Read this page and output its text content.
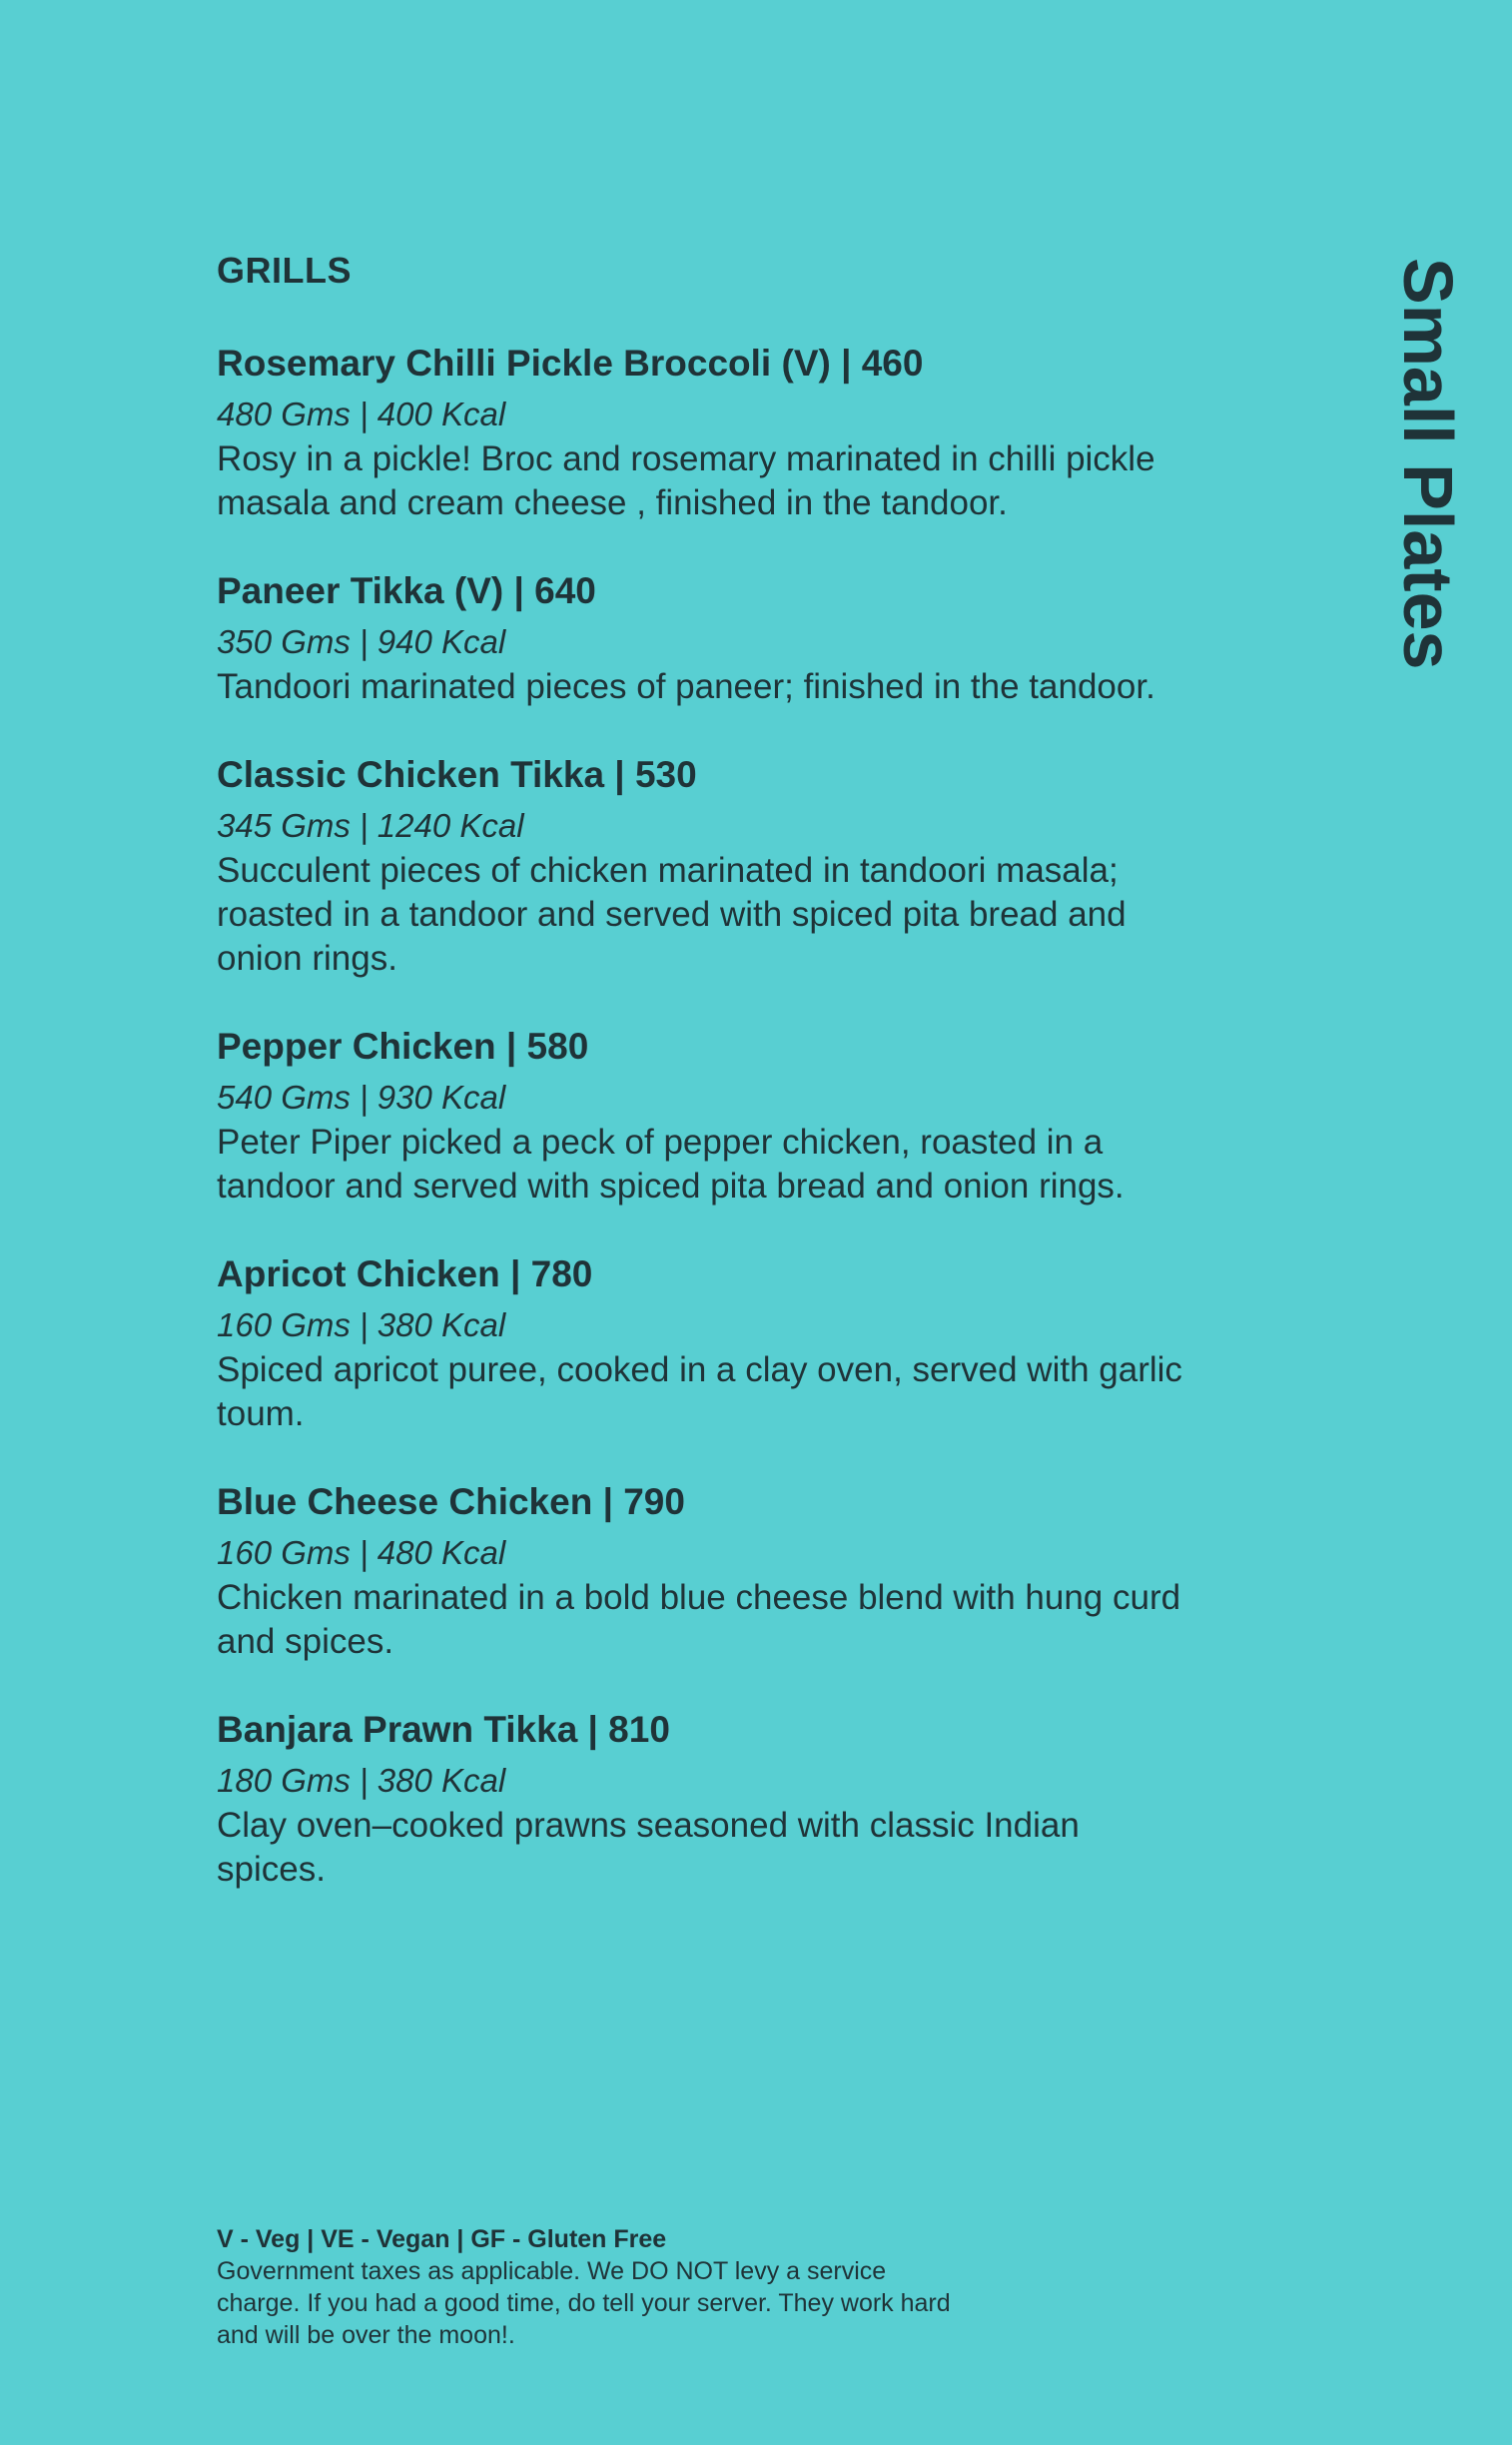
GRILLS
Rosemary Chilli Pickle Broccoli (V) | 460
480 Gms | 400 Kcal
Rosy in a pickle! Broc and rosemary marinated in chilli pickle masala and cream cheese , finished in the tandoor.
Paneer Tikka (V) | 640
350 Gms | 940 Kcal
Tandoori marinated pieces of paneer; finished in the tandoor.
Classic Chicken Tikka | 530
345 Gms | 1240 Kcal
Succulent pieces of chicken marinated in tandoori masala; roasted in a tandoor and served with spiced pita bread and onion rings.
Pepper Chicken | 580
540 Gms | 930 Kcal
Peter Piper picked a peck of pepper chicken, roasted in a tandoor and served with spiced pita bread and onion rings.
Apricot Chicken | 780
160 Gms | 380 Kcal
Spiced apricot puree, cooked in a clay oven, served with garlic toum.
Blue Cheese Chicken | 790
160 Gms | 480 Kcal
Chicken marinated in a bold blue cheese blend with hung curd and spices.
Banjara Prawn Tikka | 810
180 Gms | 380 Kcal
Clay oven–cooked prawns seasoned with classic Indian spices.
Small Plates
V - Veg | VE - Vegan | GF - Gluten Free
Government taxes as applicable. We DO NOT levy a service charge. If you had a good time, do tell your server. They work hard and will be over the moon!.
